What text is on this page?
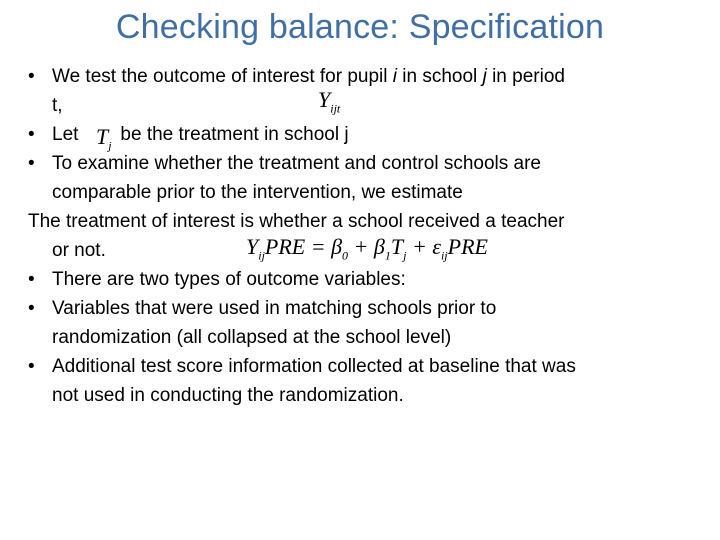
Checking balance: Specification
• We test the outcome of interest for pupil i in school j in period
t,	$Y_{ijt}$
• Let be the treatment in school j
$T_j$
• To examine whether the treatment and control schools are
comparable prior to the intervention, we estimate
The treatment of interest is whether a school received a teacher
or not.	$Y_{ij}PRE = \beta_0 + \beta_1T_j + \varepsilon_{ij}PRE$
• There are two types of outcome variables:
• Variables that were used in matching schools prior to
randomization (all collapsed at the school level)
• Additional test score information collected at baseline that was
not used in conducting the randomization.
